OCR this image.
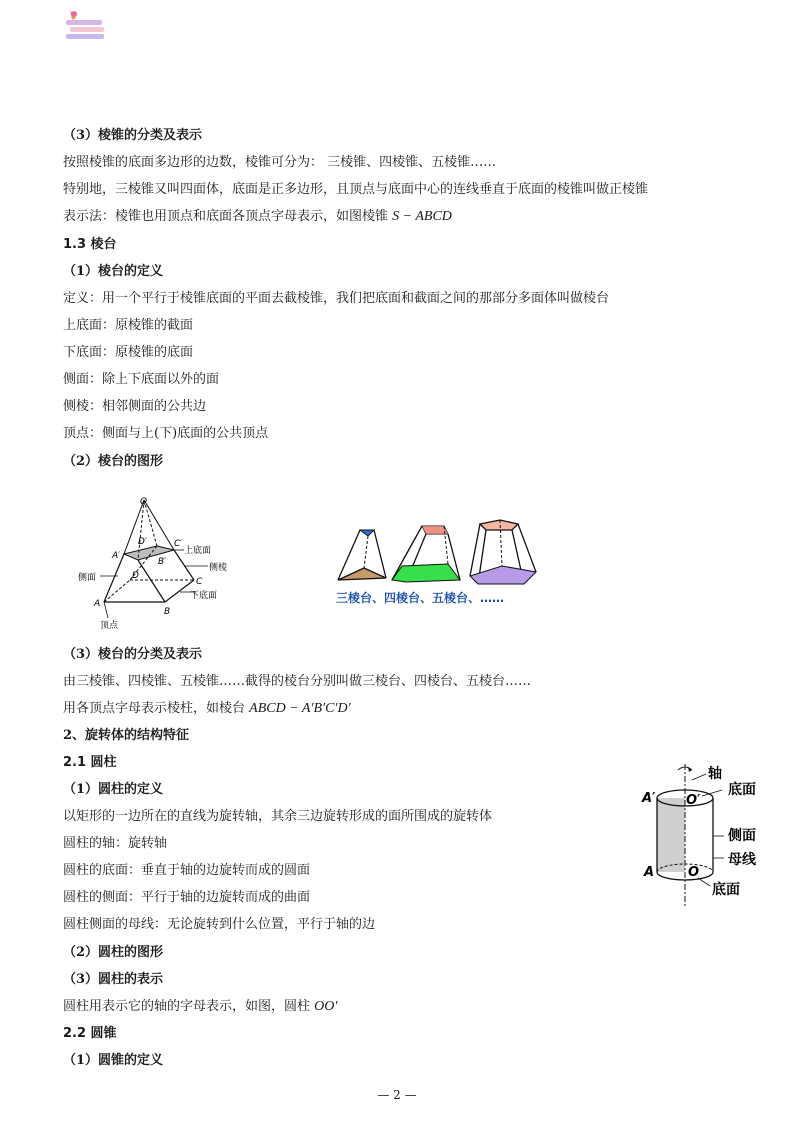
（3）棱锥的分类及表示
按照棱锥的底面多边形的边数，棱锥可分为： 三棱锥、四棱锥、五棱锥……
特别地，三棱锥又叫四面体，底面是正多边形，且顶点与底面中心的连线垂直于底面的棱锥叫做正棱锥
表示法：棱锥也用顶点和底面各顶点字母表示，如图棱锥 S − ABCD
1.3 棱台
（1）棱台的定义
定义：用一个平行于棱锥底面的平面去截棱锥，我们把底面和截面之间的那部分多面体叫做棱台
上底面：原棱锥的截面
下底面：原棱锥的底面
侧面：除上下底面以外的面
侧棱：相邻侧面的公共边
顶点：侧面与上(下)底面的公共顶点
（2）棱台的图形
Q
A′
D′	C′
B′
上底面
侧棱
侧面	D
C
下底面
A
B
顶点
三棱台、四棱台、五棱台、……
（3）棱台的分类及表示
由三棱锥、四棱锥、五棱锥……截得的棱台分别叫做三棱台、四棱台、五棱台……
用各顶点字母表示棱柱，如棱台 ABCD − A′B′C′D′
2、旋转体的结构特征
2.1 圆柱
（1）圆柱的定义
以矩形的一边所在的直线为旋转轴，其余三边旋转形成的面所围成的旋转体
圆柱的轴：旋转轴
圆柱的底面：垂直于轴的边旋转而成的圆面
圆柱的侧面：平行于轴的边旋转而成的曲面
圆柱侧面的母线：无论旋转到什么位置，平行于轴的边
（2）圆柱的图形
（3）圆柱的表示
圆柱用表示它的轴的字母表示，如图，圆柱 OO′
2.2 圆锥
（1）圆锥的定义
轴
底面
侧面
母线
底面
A′ O′
A	O
— 2 —
